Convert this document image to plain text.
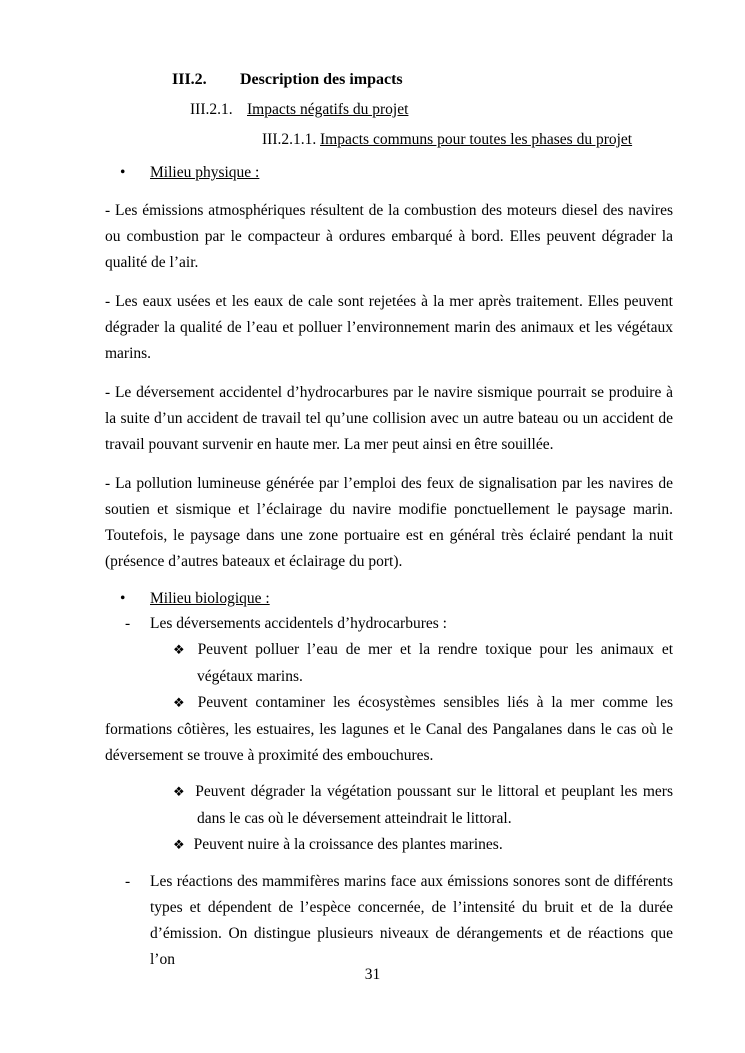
III.2. Description des impacts
III.2.1. Impacts négatifs du projet
III.2.1.1. Impacts communs pour toutes les phases du projet
• Milieu physique :

- Les émissions atmosphériques résultent de la combustion des moteurs diesel des navires ou combustion par le compacteur à ordures embarqué à bord. Elles peuvent dégrader la qualité de l’air.

- Les eaux usées et les eaux de cale sont rejetées à la mer après traitement. Elles peuvent dégrader la qualité de l’eau et polluer l’environnement marin des animaux et les végétaux marins.

- Le déversement accidentel d’hydrocarbures par le navire sismique pourrait se produire à la suite d’un accident de travail tel qu’une collision avec un autre bateau ou un accident de travail pouvant survenir en haute mer. La mer peut ainsi en être souillée.

- La pollution lumineuse générée par l’emploi des feux de signalisation par les navires de soutien et sismique et l’éclairage du navire modifie ponctuellement le paysage marin. Toutefois, le paysage dans une zone portuaire est en général très éclairé pendant la nuit (présence d’autres bateaux et éclairage du port).

• Milieu biologique :
- Les déversements accidentels d’hydrocarbures :
❖ Peuvent polluer l’eau de mer et la rendre toxique pour les animaux et végétaux marins.
❖ Peuvent contaminer les écosystèmes sensibles liés à la mer comme les formations côtières, les estuaires, les lagunes et le Canal des Pangalanes dans le cas où le déversement se trouve à proximité des embouchures.
❖ Peuvent dégrader la végétation poussant sur le littoral et peuplant les mers dans le cas où le déversement atteindrait le littoral.
❖ Peuvent nuire à la croissance des plantes marines.
- Les réactions des mammifères marins face aux émissions sonores sont de différents types et dépendent de l’espèce concernée, de l’intensité du bruit et de la durée d’émission. On distingue plusieurs niveaux de dérangements et de réactions que l’on
31
